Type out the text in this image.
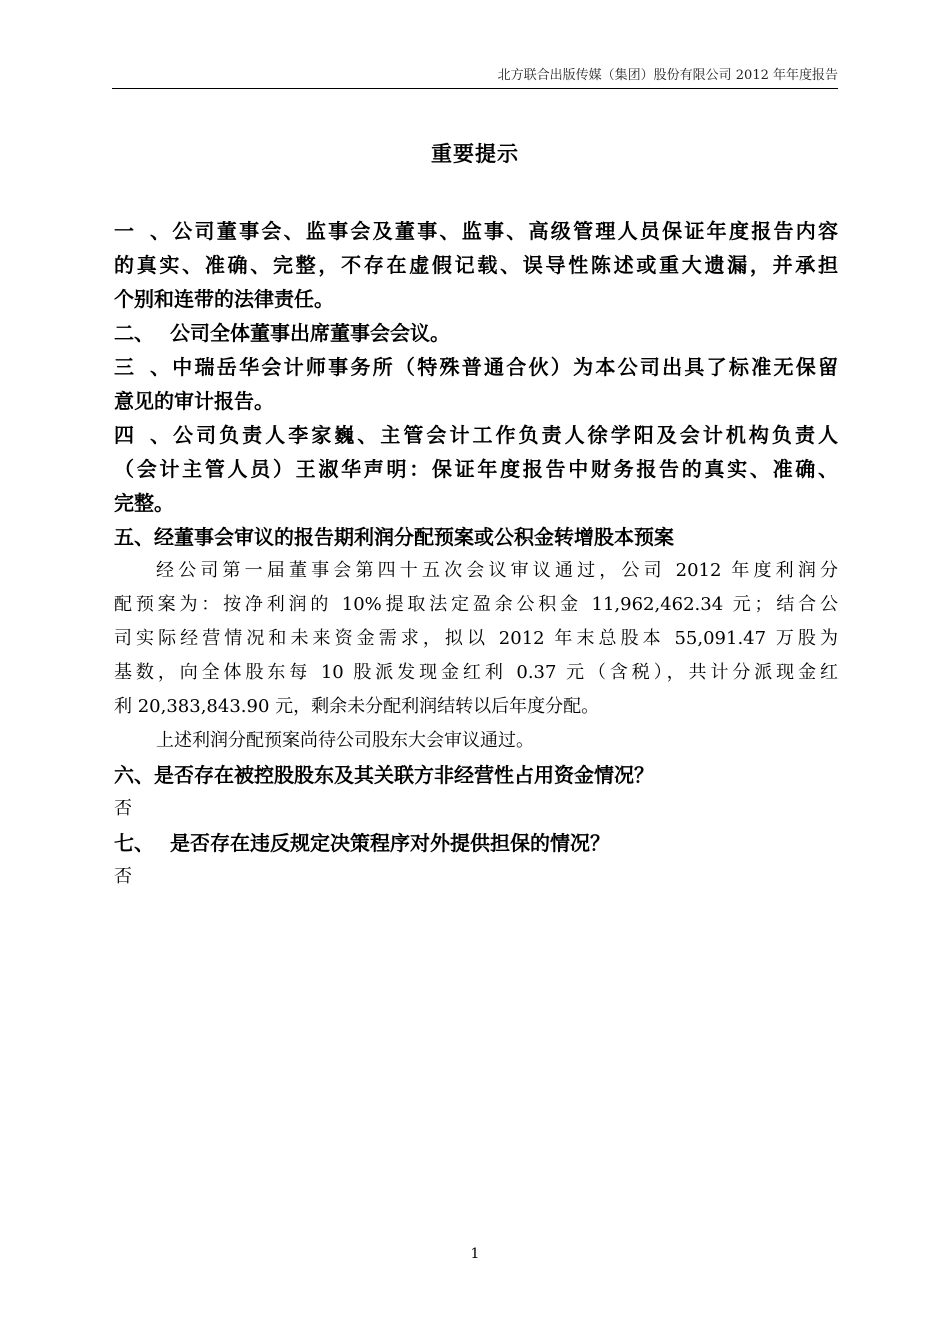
北方联合出版传媒（集团）股份有限公司 2012 年年度报告
重要提示

一、公司董事会、监事会及董事、监事、高级管理人员保证年度报告内容

的真实、准确、完整，不存在虚假记载、误导性陈述或重大遗漏，并承担

个别和连带的法律责任。

二、 公司全体董事出席董事会会议。

三、中瑞岳华会计师事务所（特殊普通合伙）为本公司出具了标准无保留

意见的审计报告。

四、公司负责人李家巍、主管会计工作负责人徐学阳及会计机构负责人

（会计主管人员）王淑华声明：保证年度报告中财务报告的真实、准确、

完整。

五、经董事会审议的报告期利润分配预案或公积金转增股本预案

经公司第一届董事会第四十五次会议审议通过，公司 2012 年度利润分

配预案为：按净利润的 10%提取法定盈余公积金 11,962,462.34 元；结合公

司实际经营情况和未来资金需求，拟以 2012 年末总股本 55,091.47 万股为

基数，向全体股东每 10 股派发现金红利 0.37 元（含税），共计分派现金红

利 20,383,843.90 元，剩余未分配利润结转以后年度分配。

上述利润分配预案尚待公司股东大会审议通过。

六、是否存在被控股股东及其关联方非经营性占用资金情况？

否

七、 是否存在违反规定决策程序对外提供担保的情况？

否

1
